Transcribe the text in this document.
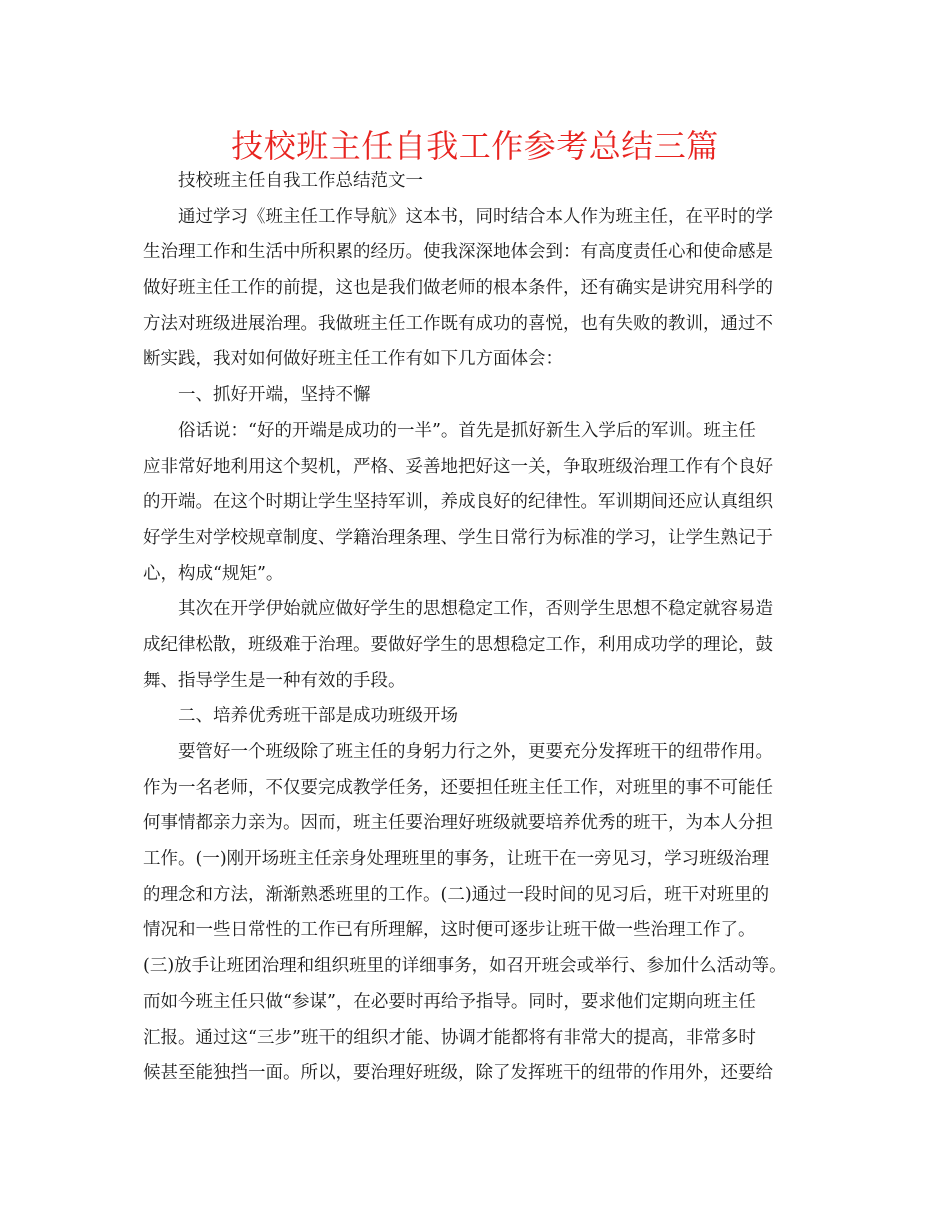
技校班主任自我工作参考总结三篇
技校班主任自我工作总结范文一
通过学习《班主任工作导航》这本书，同时结合本人作为班主任，在平时的学
生治理工作和生活中所积累的经历。使我深深地体会到：有高度责任心和使命感是
做好班主任工作的前提，这也是我们做老师的根本条件，还有确实是讲究用科学的
方法对班级进展治理。我做班主任工作既有成功的喜悦，也有失败的教训，通过不
断实践，我对如何做好班主任工作有如下几方面体会：
一、抓好开端，坚持不懈
俗话说：“好的开端是成功的一半”。首先是抓好新生入学后的军训。班主任
应非常好地利用这个契机，严格、妥善地把好这一关，争取班级治理工作有个良好
的开端。在这个时期让学生坚持军训，养成良好的纪律性。军训期间还应认真组织
好学生对学校规章制度、学籍治理条理、学生日常行为标准的学习，让学生熟记于
心，构成“规矩”。
其次在开学伊始就应做好学生的思想稳定工作，否则学生思想不稳定就容易造
成纪律松散，班级难于治理。要做好学生的思想稳定工作，利用成功学的理论，鼓
舞、指导学生是一种有效的手段。
二、培养优秀班干部是成功班级开场
要管好一个班级除了班主任的身躬力行之外，更要充分发挥班干的纽带作用。
作为一名老师，不仅要完成教学任务，还要担任班主任工作，对班里的事不可能任
何事情都亲力亲为。因而，班主任要治理好班级就要培养优秀的班干，为本人分担
工作。(一)刚开场班主任亲身处理班里的事务，让班干在一旁见习，学习班级治理
的理念和方法，渐渐熟悉班里的工作。(二)通过一段时间的见习后，班干对班里的
情况和一些日常性的工作已有所理解，这时便可逐步让班干做一些治理工作了。
(三)放手让班团治理和组织班里的详细事务，如召开班会或举行、参加什么活动等。
而如今班主任只做“参谋”，在必要时再给予指导。同时，要求他们定期向班主任
汇报。通过这“三步”班干的组织才能、协调才能都将有非常大的提高，非常多时
候甚至能独挡一面。所以，要治理好班级，除了发挥班干的纽带的作用外，还要给
